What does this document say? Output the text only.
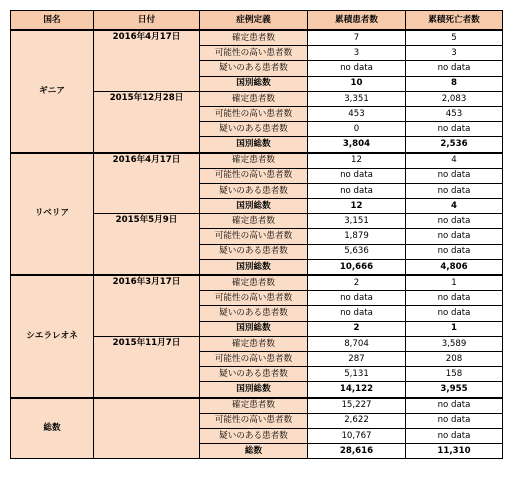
国名	日付	症例定義	累積患者数	累積死亡者数
ギニア	2016年4月17日	確定患者数	7	5
		可能性の高い患者数	3	3
		疑いのある患者数	no data	no data
		国別総数	10	8
	2015年12月28日	確定患者数	3,351	2,083
		可能性の高い患者数	453	453
		疑いのある患者数	0	no data
		国別総数	3,804	2,536
リベリア	2016年4月17日	確定患者数	12	4
		可能性の高い患者数	no data	no data
		疑いのある患者数	no data	no data
		国別総数	12	4
	2015年5月9日	確定患者数	3,151	no data
		可能性の高い患者数	1,879	no data
		疑いのある患者数	5,636	no data
		国別総数	10,666	4,806
シエラレオネ	2016年3月17日	確定患者数	2	1
		可能性の高い患者数	no data	no data
		疑いのある患者数	no data	no data
		国別総数	2	1
	2015年11月7日	確定患者数	8,704	3,589
		可能性の高い患者数	287	208
		疑いのある患者数	5,131	158
		国別総数	14,122	3,955
総数		確定患者数	15,227	no data
		可能性の高い患者数	2,622	no data
		疑いのある患者数	10,767	no data
		総数	28,616	11,310
